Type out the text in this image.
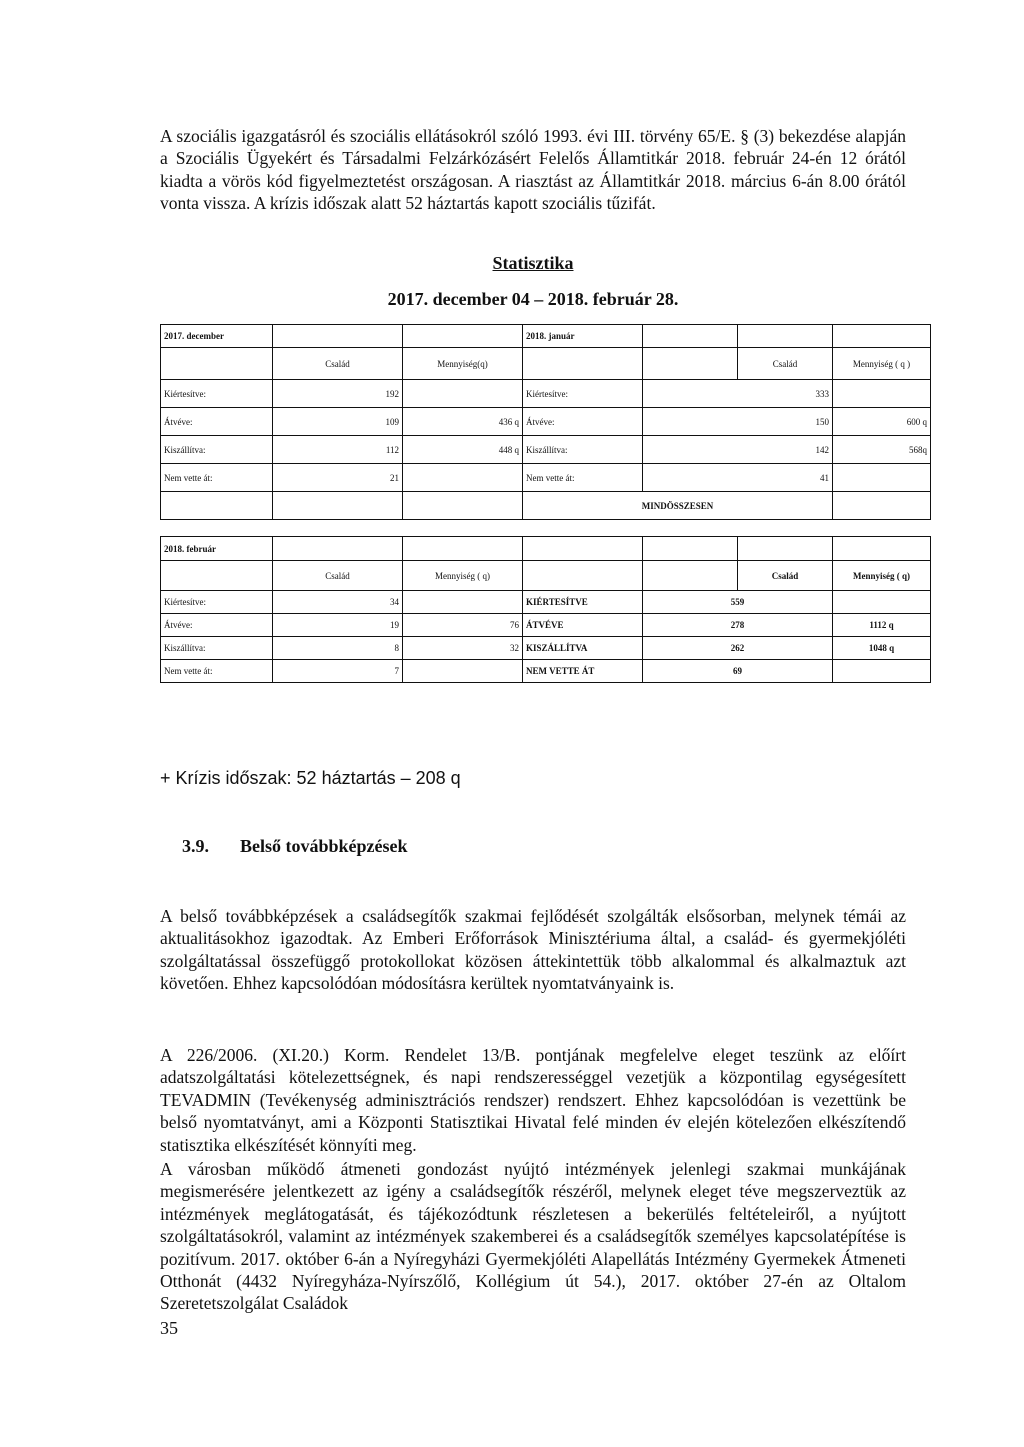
A szociális igazgatásról és szociális ellátásokról szóló 1993. évi III. törvény 65/E. § (3) bekezdése alapján a Szociális Ügyekért és Társadalmi Felzárkózásért Felelős Államtitkár 2018. február 24-én 12 órától kiadta a vörös kód figyelmeztetést országosan. A riasztást az Államtitkár 2018. március 6-án 8.00 órától vonta vissza. A krízis időszak alatt 52 háztartás kapott szociális tűzifát.

Statisztika
2017. december 04 – 2018. február 28.
2017. december			2018. január			
	Család	Mennyiség(q)			Család	Mennyiség ( q )
Kiértesítve:	192		Kiértesítve:	333		
Átvéve:	109	436 q	Átvéve:	150		600 q
Kiszállítva:	112	448 q	Kiszállítva:	142		568q
Nem vette át:	21		Nem vette át:	41		
			MINDÖSSZESEN			
2018. február						
	Család	Mennyiség ( q)			Család	Mennyiség ( q)
Kiértesítve:	34		KIÉRTESÍTVE	559		
Átvéve:	19	76	ÁTVÉVE	278		1112 q
Kiszállítva:	8	32	KISZÁLLÍTVA	262		1048 q
Nem vette át:	7		NEM VETTE ÁT	69		
+ Krízis időszak: 52 háztartás – 208 q
3.9. Belső továbbképzések

A belső továbbképzések a családsegítők szakmai fejlődését szolgálták elsősorban, melynek témái az aktualitásokhoz igazodtak. Az Emberi Erőforrások Minisztériuma által, a család- és gyermekjóléti szolgáltatással összefüggő protokollokat közösen áttekintettük több alkalommal és alkalmaztuk azt követően. Ehhez kapcsolódóan módosításra kerültek nyomtatványaink is.

A 226/2006. (XI.20.) Korm. Rendelet 13/B. pontjának megfelelve eleget teszünk az előírt adatszolgáltatási kötelezettségnek, és napi rendszerességgel vezetjük a központilag egységesített TEVADMIN (Tevékenység adminisztrációs rendszer) rendszert. Ehhez kapcsolódóan is vezettünk be belső nyomtatványt, ami a Központi Statisztikai Hivatal felé minden év elején kötelezően elkészítendő statisztika elkészítését könnyíti meg.

A városban működő átmeneti gondozást nyújtó intézmények jelenlegi szakmai munkájának megismerésére jelentkezett az igény a családsegítők részéről, melynek eleget téve megszerveztük az intézmények meglátogatását, és tájékozódtunk részletesen a bekerülés feltételeiről, a nyújtott szolgáltatásokról, valamint az intézmények szakemberei és a családsegítők személyes kapcsolatépítése is pozitívum. 2017. október 6-án a Nyíregyházi Gyermekjóléti Alapellátás Intézmény Gyermekek Átmeneti Otthonát (4432 Nyíregyháza-Nyírszőlő, Kollégium út 54.), 2017. október 27-én az Oltalom Szeretetszolgálat Családok

35
